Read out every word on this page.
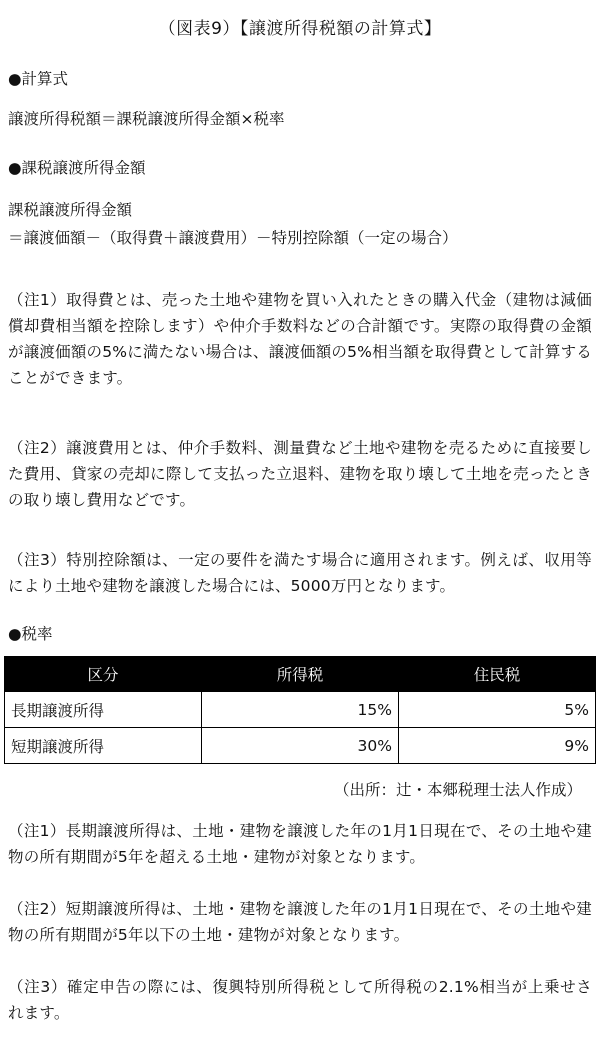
（図表9）【譲渡所得税額の計算式】
●計算式
譲渡所得税額＝課税譲渡所得金額×税率
●課税譲渡所得金額
課税譲渡所得金額
＝譲渡価額－（取得費＋譲渡費用）－特別控除額（一定の場合）
（注1）取得費とは、売った土地や建物を買い入れたときの購入代金（建物は減価償却費相当額を控除します）や仲介手数料などの合計額です。実際の取得費の金額が譲渡価額の5%に満たない場合は、譲渡価額の5%相当額を取得費として計算することができます。
（注2）譲渡費用とは、仲介手数料、測量費など土地や建物を売るために直接要した費用、貸家の売却に際して支払った立退料、建物を取り壊して土地を売ったときの取り壊し費用などです。
（注3）特別控除額は、一定の要件を満たす場合に適用されます。例えば、収用等により土地や建物を譲渡した場合には、5000万円となります。
●税率
区分	所得税	住民税
長期譲渡所得	15%	5%
短期譲渡所得	30%	9%
（出所：辻・本郷税理士法人作成）
（注1）長期譲渡所得は、土地・建物を譲渡した年の1月1日現在で、その土地や建物の所有期間が5年を超える土地・建物が対象となります。
（注2）短期譲渡所得は、土地・建物を譲渡した年の1月1日現在で、その土地や建物の所有期間が5年以下の土地・建物が対象となります。
（注3）確定申告の際には、復興特別所得税として所得税の2.1%相当が上乗せされます。
